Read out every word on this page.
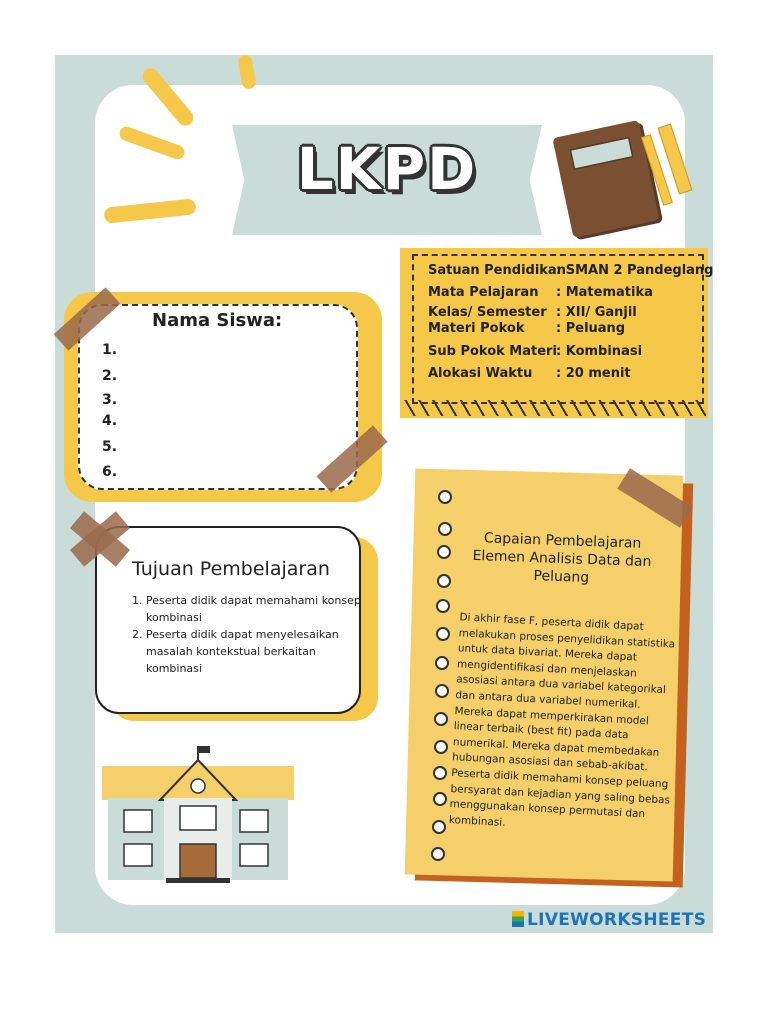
LKPD
Satuan Pendidikan: SMAN 2 Pandeglang
Mata Pelajaran : Matematika
Kelas/ Semester : XII/ Ganjil
Materi Pokok : Peluang
Sub Pokok Materi: Kombinasi
Alokasi Waktu : 20 menit
Nama Siswa:
1.
2.
3.
4.
5.
6.
Tujuan Pembelajaran
1. Peserta didik dapat memahami konsep kombinasi
2. Peserta didik dapat menyelesaikan masalah kontekstual berkaitan kombinasi
Capaian Pembelajaran Elemen Analisis Data dan Peluang
Di akhir fase F, peserta didik dapat melakukan proses penyelidikan statistika untuk data bivariat. Mereka dapat mengidentifikasi dan menjelaskan asosiasi antara dua variabel kategorikal dan antara dua variabel numerikal. Mereka dapat memperkirakan model linear terbaik (best fit) pada data numerikal. Mereka dapat membedakan hubungan asosiasi dan sebab-akibat. Peserta didik memahami konsep peluang bersyarat dan kejadian yang saling bebas menggunakan konsep permutasi dan kombinasi.
LIVEWORKSHEETS
